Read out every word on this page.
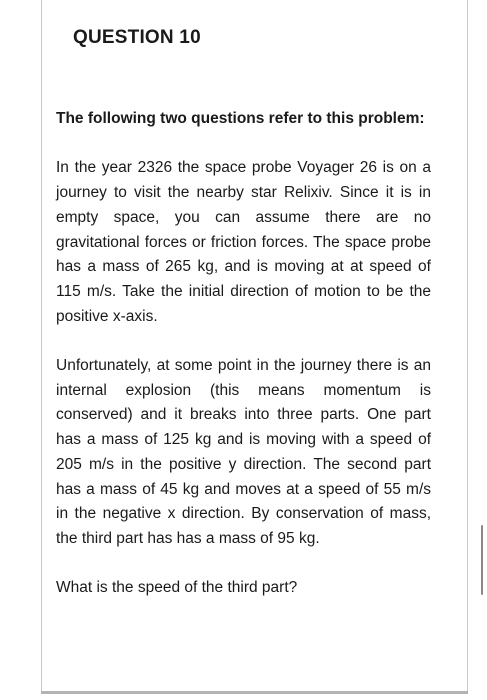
QUESTION 10

The following two questions refer to this problem:

In the year 2326 the space probe Voyager 26 is on a journey to visit the nearby star Relixiv. Since it is in empty space, you can assume there are no gravitational forces or friction forces. The space probe has a mass of 265 kg, and is moving at at speed of 115 m/s. Take the initial direction of motion to be the positive x-axis.

Unfortunately, at some point in the journey there is an internal explosion (this means momentum is conserved) and it breaks into three parts. One part has a mass of 125 kg and is moving with a speed of 205 m/s in the positive y direction. The second part has a mass of 45 kg and moves at a speed of 55 m/s in the negative x direction. By conservation of mass, the third part has has a mass of 95 kg.

What is the speed of the third part?
